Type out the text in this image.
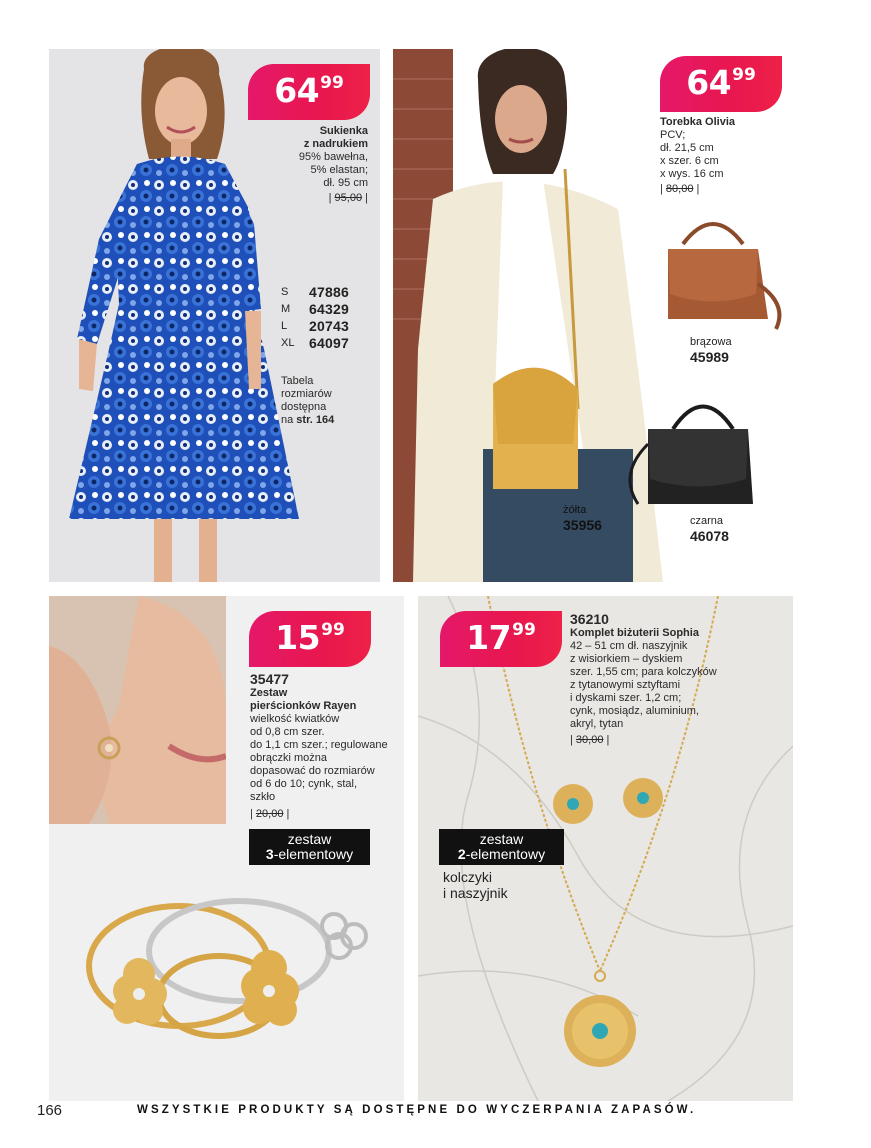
64 99
Sukienka
z nadrukiem
95% bawełna,
5% elastan;
dł. 95 cm
| 95,00 |
S	47886
M	64329
L	20743
XL	64097
Tabela
rozmiarów
dostępna
na str. 164
64 99
Torebka Olivia
PCV;
dł. 21,5 cm
x szer. 6 cm
x wys. 16 cm
| 80,00 |
brązowa
45989
żółta
35956	czarna
46078
15 99
35477
Zestaw
pierścionków Rayen
wielkość kwiatków
od 0,8 cm szer.
do 1,1 cm szer.; regulowane
obrączki można
dopasować do rozmiarów
od 6 do 10; cynk, stal,
szkło
| 20,00 |
zestaw
3-elementowy
17 99
36210
Komplet biżuterii Sophia
42 – 51 cm dł. naszyjnik
z wisiorkiem – dyskiem
szer. 1,55 cm; para kolczyków
z tytanowymi sztyftami
i dyskami szer. 1,2 cm;
cynk, mosiądz, aluminium,
akryl, tytan
| 30,00 |
zestaw
2-elementowy
kolczyki
i naszyjnik
166	WSZYSTKIE PRODUKTY SĄ DOSTĘPNE DO WYCZERPANIA ZAPASÓW.
